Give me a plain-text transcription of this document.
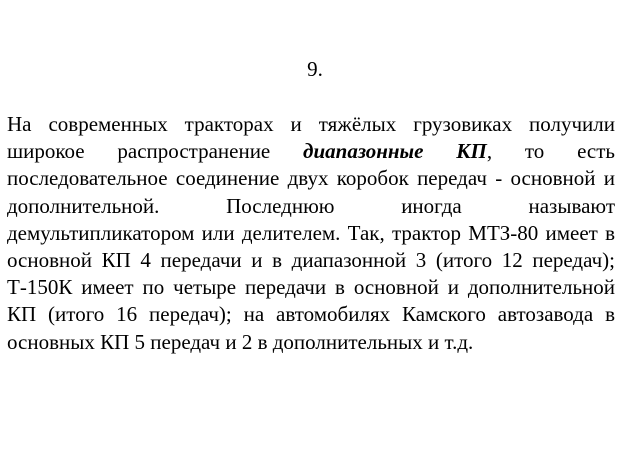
9.

На современных тракторах и тяжёлых грузовиках получили широкое распространение диапазонные КП, то есть последовательное соединение двух коробок передач - основной и дополнительной. Последнюю иногда называют демультипликатором или делителем. Так, трактор МТЗ-80 имеет в основной КП 4 передачи и в диапазонной 3 (итого 12 передач); Т-150К имеет по четыре передачи в основной и дополнительной КП (итого 16 передач); на автомобилях Камского автозавода в основных КП 5 передач и 2 в дополнительных и т.д.
